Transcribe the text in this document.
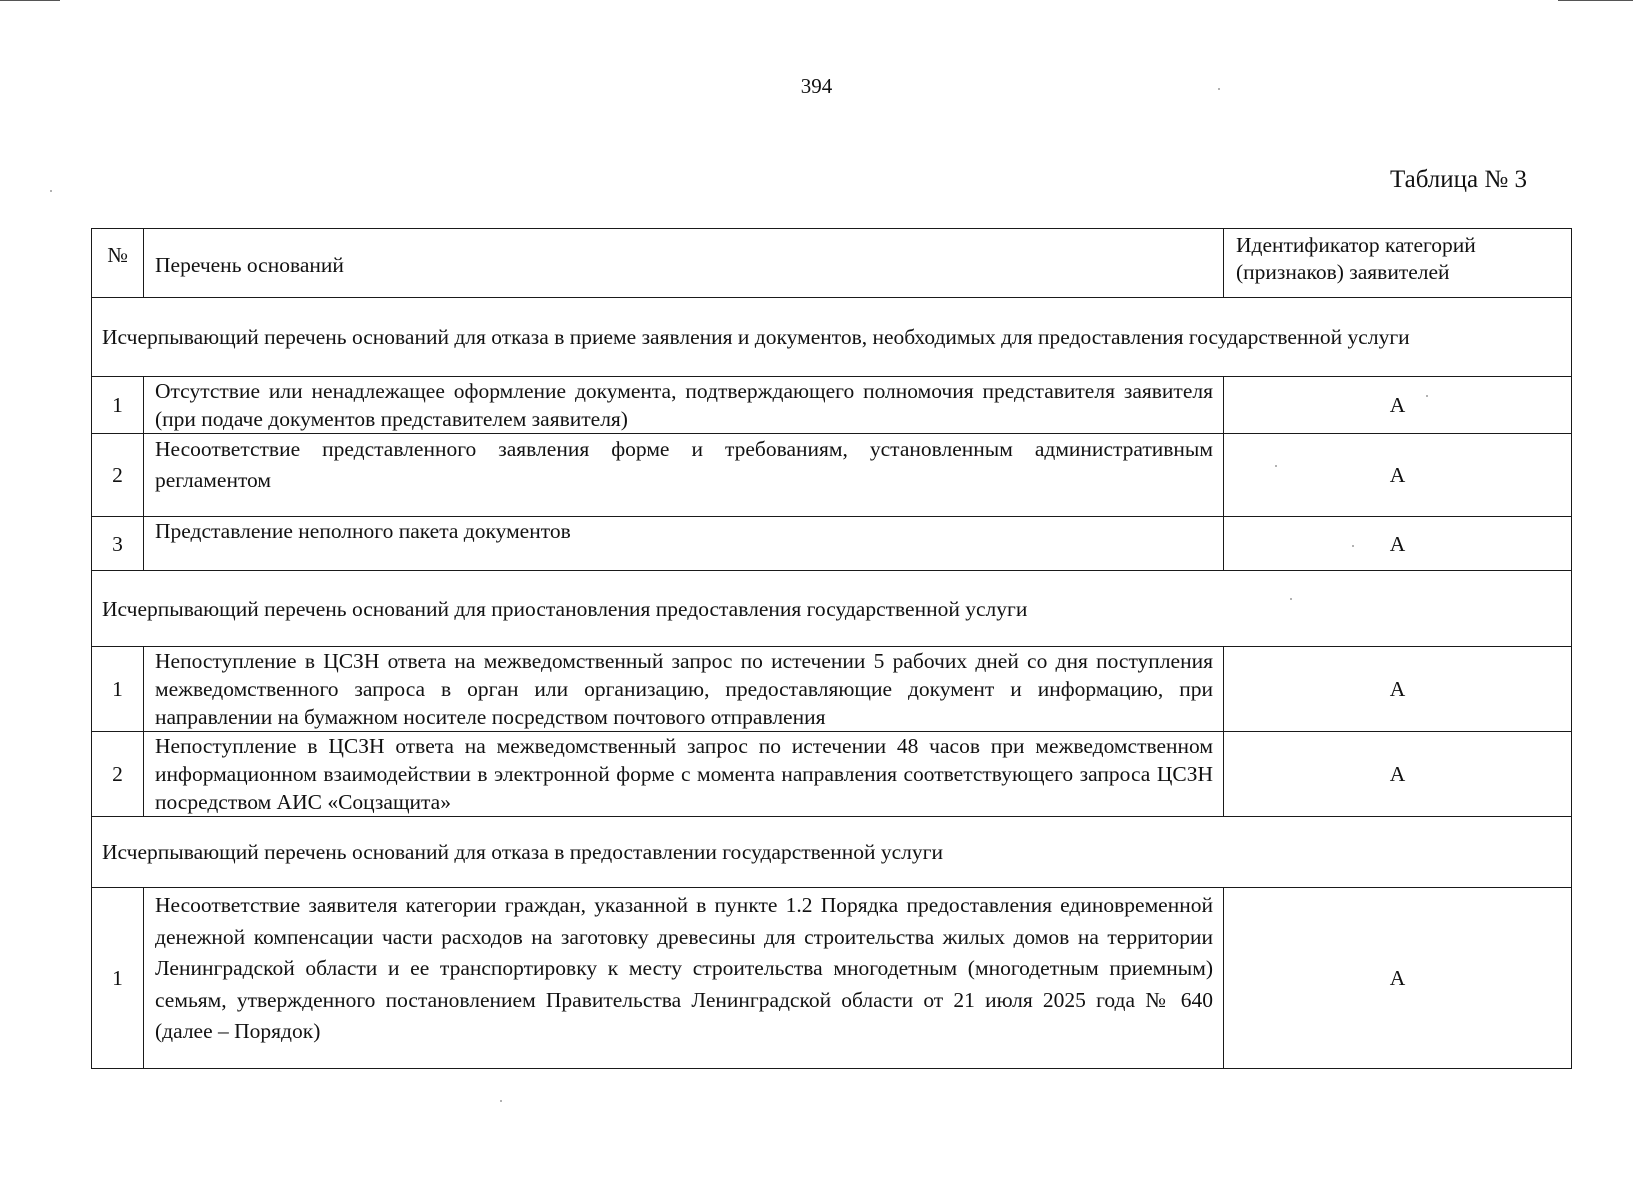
394
Таблица № 3
№	Перечень оснований	Идентификатор категорий (признаков) заявителей
Исчерпывающий перечень оснований для отказа в приеме заявления и документов, необходимых для предоставления государственной услуги		
1	Отсутствие или ненадлежащее оформление документа, подтверждающего полномочия представителя заявителя (при подаче документов представителем заявителя)	А
2	Несоответствие представленного заявления форме и требованиям, установленным административным регламентом	А
3	Представление неполного пакета документов	А
Исчерпывающий перечень оснований для приостановления предоставления государственной услуги		
1	Непоступление в ЦСЗН ответа на межведомственный запрос по истечении 5 рабочих дней со дня поступления межведомственного запроса в орган или организацию, предоставляющие документ и информацию, при направлении на бумажном носителе посредством почтового отправления	А
2	Непоступление в ЦСЗН ответа на межведомственный запрос по истечении 48 часов при межведомственном информационном взаимодействии в электронной форме с момента направления соответствующего запроса ЦСЗН посредством АИС «Соцзащита»	А
Исчерпывающий перечень оснований для отказа в предоставлении государственной услуги		
1	Несоответствие заявителя категории граждан, указанной в пункте 1.2 Порядка предоставления единовременной денежной компенсации части расходов на заготовку древесины для строительства жилых домов на территории Ленинградской области и ее транспортировку к месту строительства многодетным (многодетным приемным) семьям, утвержденного постановлением Правительства Ленинградской области от 21 июля 2025 года № 640 (далее – Порядок)	А
